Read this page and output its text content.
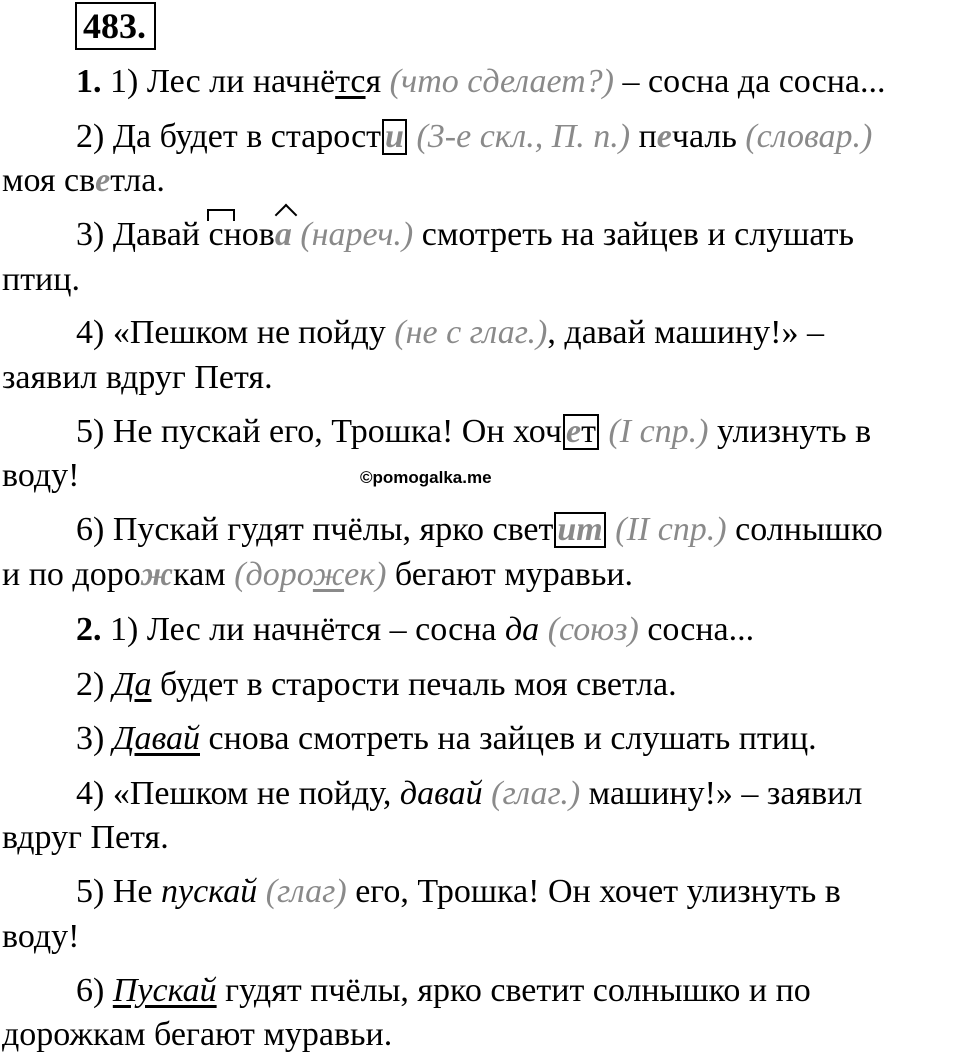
483.
1. 1) Лес ли начнётся (что сделает?) – сосна да сосна...
2) Да будет в старост и (3-е скл., П. п.) печаль (словар.)
моя светла.
3) Давай снова (нареч.) смотреть на зайцев и слушать
птиц.
4) «Пешком не пойду (не с глаг.), давай машину!» –
заявил вдруг Петя.
5) Не пускай его, Трошка! Он хоч ет (I спр.) улизнуть в
воду!	©pomogalka.me
6) Пускай гудят пчёлы, ярко свет ит (II спр.) солнышко
и по дорожкам (дорожек) бегают муравьи.
2. 1) Лес ли начнётся – сосна да (союз) сосна...
2) Да будет в старости печаль моя светла.
3) Давай снова смотреть на зайцев и слушать птиц.
4) «Пешком не пойду, давай (глаг.) машину!» – заявил
вдруг Петя.
5) Не пускай (глаг) его, Трошка! Он хочет улизнуть в
воду!
6) Пускай гудят пчёлы, ярко светит солнышко и по
дорожкам бегают муравьи.
